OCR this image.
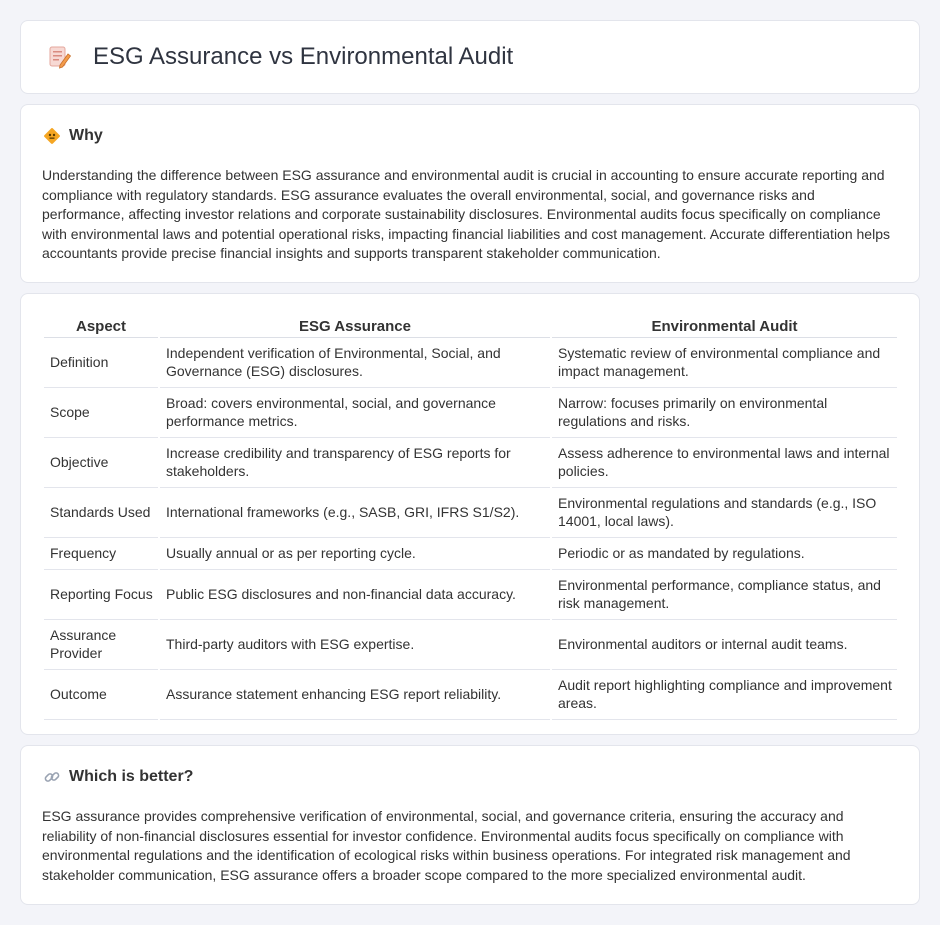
ESG Assurance vs Environmental Audit
Why

Understanding the difference between ESG assurance and environmental audit is crucial in accounting to ensure accurate reporting and compliance with regulatory standards. ESG assurance evaluates the overall environmental, social, and governance risks and performance, affecting investor relations and corporate sustainability disclosures. Environmental audits focus specifically on compliance with environmental laws and potential operational risks, impacting financial liabilities and cost management. Accurate differentiation helps accountants provide precise financial insights and supports transparent stakeholder communication.

Aspect	ESG Assurance	Environmental Audit
Definition	Independent verification of Environmental, Social, and Governance (ESG) disclosures.	Systematic review of environmental compliance and impact management.
Scope	Broad: covers environmental, social, and governance performance metrics.	Narrow: focuses primarily on environmental regulations and risks.
Objective	Increase credibility and transparency of ESG reports for stakeholders.	Assess adherence to environmental laws and internal policies.
Standards Used	International frameworks (e.g., SASB, GRI, IFRS S1/S2).	Environmental regulations and standards (e.g., ISO 14001, local laws).
Frequency	Usually annual or as per reporting cycle.	Periodic or as mandated by regulations.
Reporting Focus	Public ESG disclosures and non-financial data accuracy.	Environmental performance, compliance status, and risk management.
Assurance Provider	Third-party auditors with ESG expertise.	Environmental auditors or internal audit teams.
Outcome	Assurance statement enhancing ESG report reliability.	Audit report highlighting compliance and improvement areas.
Which is better?

ESG assurance provides comprehensive verification of environmental, social, and governance criteria, ensuring the accuracy and reliability of non-financial disclosures essential for investor confidence. Environmental audits focus specifically on compliance with environmental regulations and the identification of ecological risks within business operations. For integrated risk management and stakeholder communication, ESG assurance offers a broader scope compared to the more specialized environmental audit.
